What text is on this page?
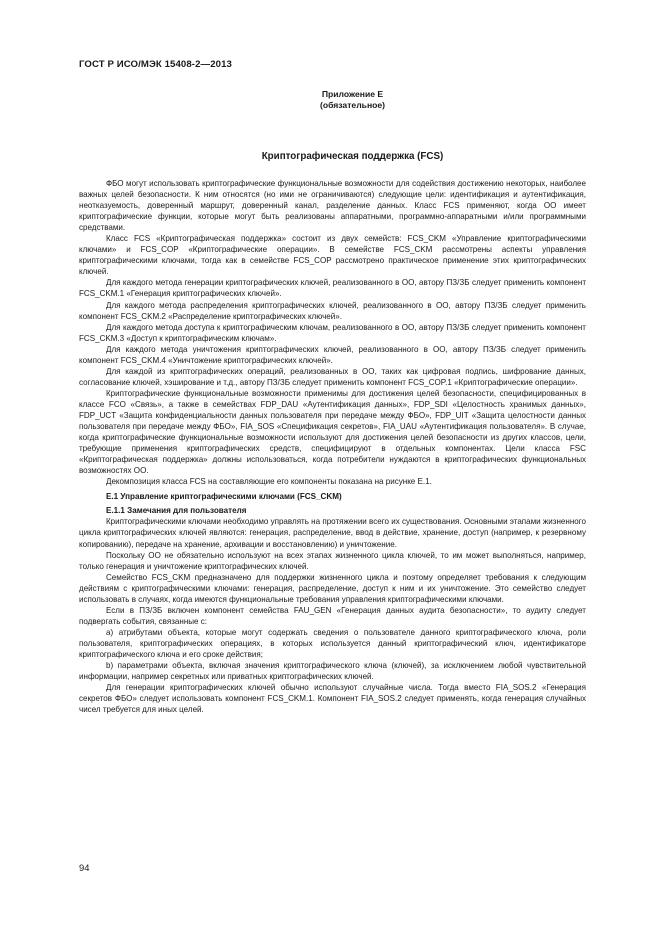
ГОСТ Р ИСО/МЭК 15408-2—2013
Приложение Е
(обязательное)
Криптографическая поддержка (FCS)

ФБО могут использовать криптографические функциональные возможности для содействия достижению некоторых, наиболее важных целей безопасности. К ним относятся (но ими не ограничиваются) следующие цели: идентификация и аутентификация, неотказуемость, доверенный маршрут, доверенный канал, разделение данных. Класс FCS применяют, когда ОО имеет криптографические функции, которые могут быть реализованы аппаратными, программно-аппаратными и/или программными средствами.

Класс FCS «Криптографическая поддержка» состоит из двух семейств: FCS_CKM «Управление криптографическими ключами» и FCS_COP «Криптографические операции». В семействе FCS_CKM рассмотрены аспекты управления криптографическими ключами, тогда как в семействе FCS_COP рассмотрено практическое применение этих криптографических ключей.

Для каждого метода генерации криптографических ключей, реализованного в ОО, автору ПЗ/ЗБ следует применить компонент FCS_CKM.1 «Генерация криптографических ключей».

Для каждого метода распределения криптографических ключей, реализованного в ОО, автору ПЗ/ЗБ следует применить компонент FCS_CKM.2 «Распределение криптографических ключей».

Для каждого метода доступа к криптографическим ключам, реализованного в ОО, автору ПЗ/ЗБ следует применить компонент FCS_CKM.3 «Доступ к криптографическим ключам».

Для каждого метода уничтожения криптографических ключей, реализованного в ОО, автору ПЗ/ЗБ следует применить компонент FCS_CKM.4 «Уничтожение криптографических ключей».

Для каждой из криптографических операций, реализованных в ОО, таких как цифровая подпись, шифрование данных, согласование ключей, хэширование и т.д., автору ПЗ/ЗБ следует применить компонент FCS_COP.1 «Криптографические операции».

Криптографические функциональные возможности применимы для достижения целей безопасности, специфицированных в классе FCO «Связь», а также в семействах FDP_DAU «Аутентификация данных», FDP_SDI «Целостность хранимых данных», FDP_UCT «Защита конфиденциальности данных пользователя при передаче между ФБО», FDP_UIT «Защита целостности данных пользователя при передаче между ФБО», FIA_SOS «Спецификация секретов», FIA_UAU «Аутентификация пользователя». В случае, когда криптографические функциональные возможности используют для достижения целей безопасности из других классов, цели, требующие применения криптографических средств, специфицируют в отдельных компонентах. Цели класса FSC «Криптографическая поддержка» должны использоваться, когда потребители нуждаются в криптографических функциональных возможностях ОО.

Декомпозиция класса FCS на составляющие его компоненты показана на рисунке Е.1.

Е.1 Управление криптографическими ключами (FCS_CKM)
Е.1.1 Замечания для пользователя

Криптографическими ключами необходимо управлять на протяжении всего их существования. Основными этапами жизненного цикла криптографических ключей являются: генерация, распределение, ввод в действие, хранение, доступ (например, к резервному копированию), передаче на хранение, архивации и восстановлению) и уничтожение.

Поскольку ОО не обязательно используют на всех этапах жизненного цикла ключей, то им может выполняться, например, только генерация и уничтожение криптографических ключей.

Семейство FCS_CKM предназначено для поддержки жизненного цикла и поэтому определяет требования к следующим действиям с криптографическими ключами: генерация, распределение, доступ к ним и их уничтожение. Это семейство следует использовать в случаях, когда имеются функциональные требования управления криптографическими ключами.

Если в ПЗ/ЗБ включен компонент семейства FAU_GEN «Генерация данных аудита безопасности», то аудиту следует подвергать события, связанные с:

a) атрибутами объекта, которые могут содержать сведения о пользователе данного криптографического ключа, роли пользователя, криптографических операциях, в которых используется данный криптографический ключ, идентификаторе криптографического ключа и его сроке действия;

b) параметрами объекта, включая значения криптографического ключа (ключей), за исключением любой чувствительной информации, например секретных или приватных криптографических ключей.

Для генерации криптографических ключей обычно используют случайные числа. Тогда вместо FIA_SOS.2 «Генерация секретов ФБО» следует использовать компонент FCS_CKM.1. Компонент FIA_SOS.2 следует применять, когда генерация случайных чисел требуется для иных целей.

94
